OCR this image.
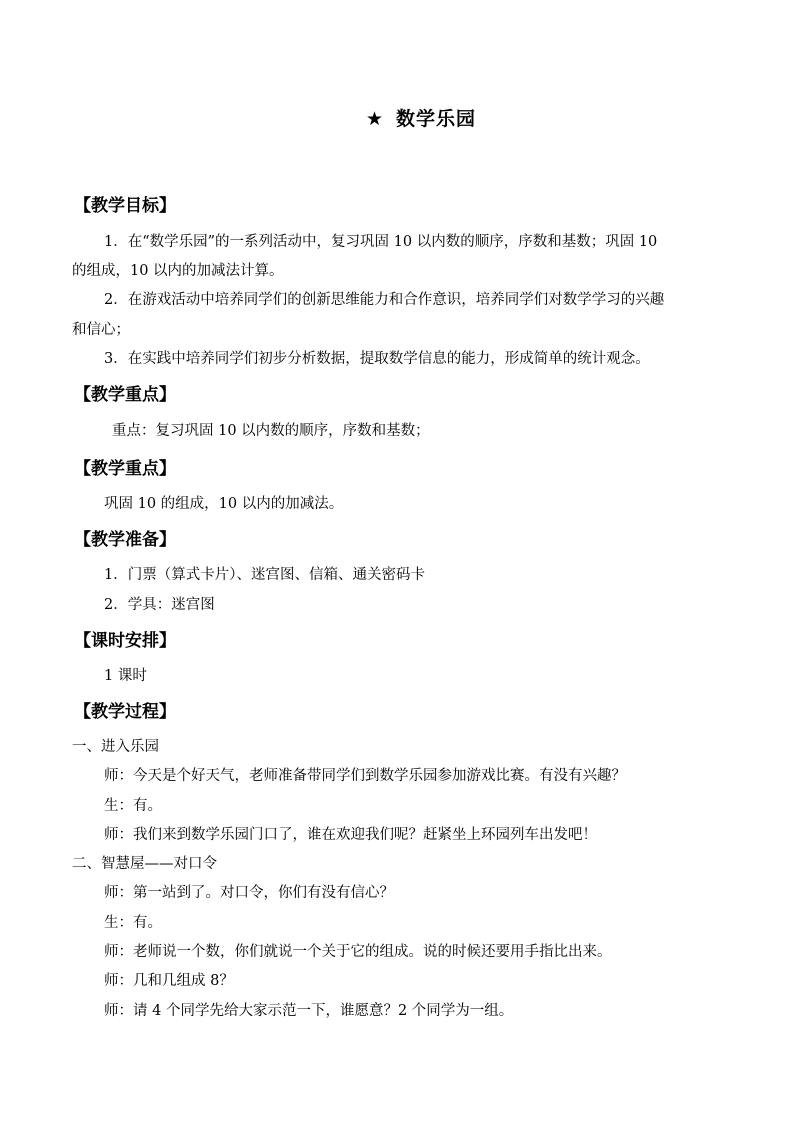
★ 数学乐园
【教学目标】
1．在“数学乐园”的一系列活动中，复习巩固 10 以内数的顺序，序数和基数；巩固 10
的组成，10 以内的加减法计算。
2．在游戏活动中培养同学们的创新思维能力和合作意识，培养同学们对数学学习的兴趣
和信心；
3．在实践中培养同学们初步分析数据，提取数学信息的能力，形成简单的统计观念。
【教学重点】
重点：复习巩固 10 以内数的顺序，序数和基数；
【教学重点】
巩固 10 的组成，10 以内的加减法。
【教学准备】
1．门票（算式卡片）、迷宫图、信箱、通关密码卡
2．学具：迷宫图
【课时安排】
1 课时
【教学过程】
一、进入乐园
师：今天是个好天气，老师准备带同学们到数学乐园参加游戏比赛。有没有兴趣？
生：有。
师：我们来到数学乐园门口了，谁在欢迎我们呢？赶紧坐上环园列车出发吧！
二、智慧屋——对口令
师：第一站到了。对口令，你们有没有信心？
生：有。
师：老师说一个数，你们就说一个关于它的组成。说的时候还要用手指比出来。
师：几和几组成 8？
师：请 4 个同学先给大家示范一下，谁愿意？2 个同学为一组。
